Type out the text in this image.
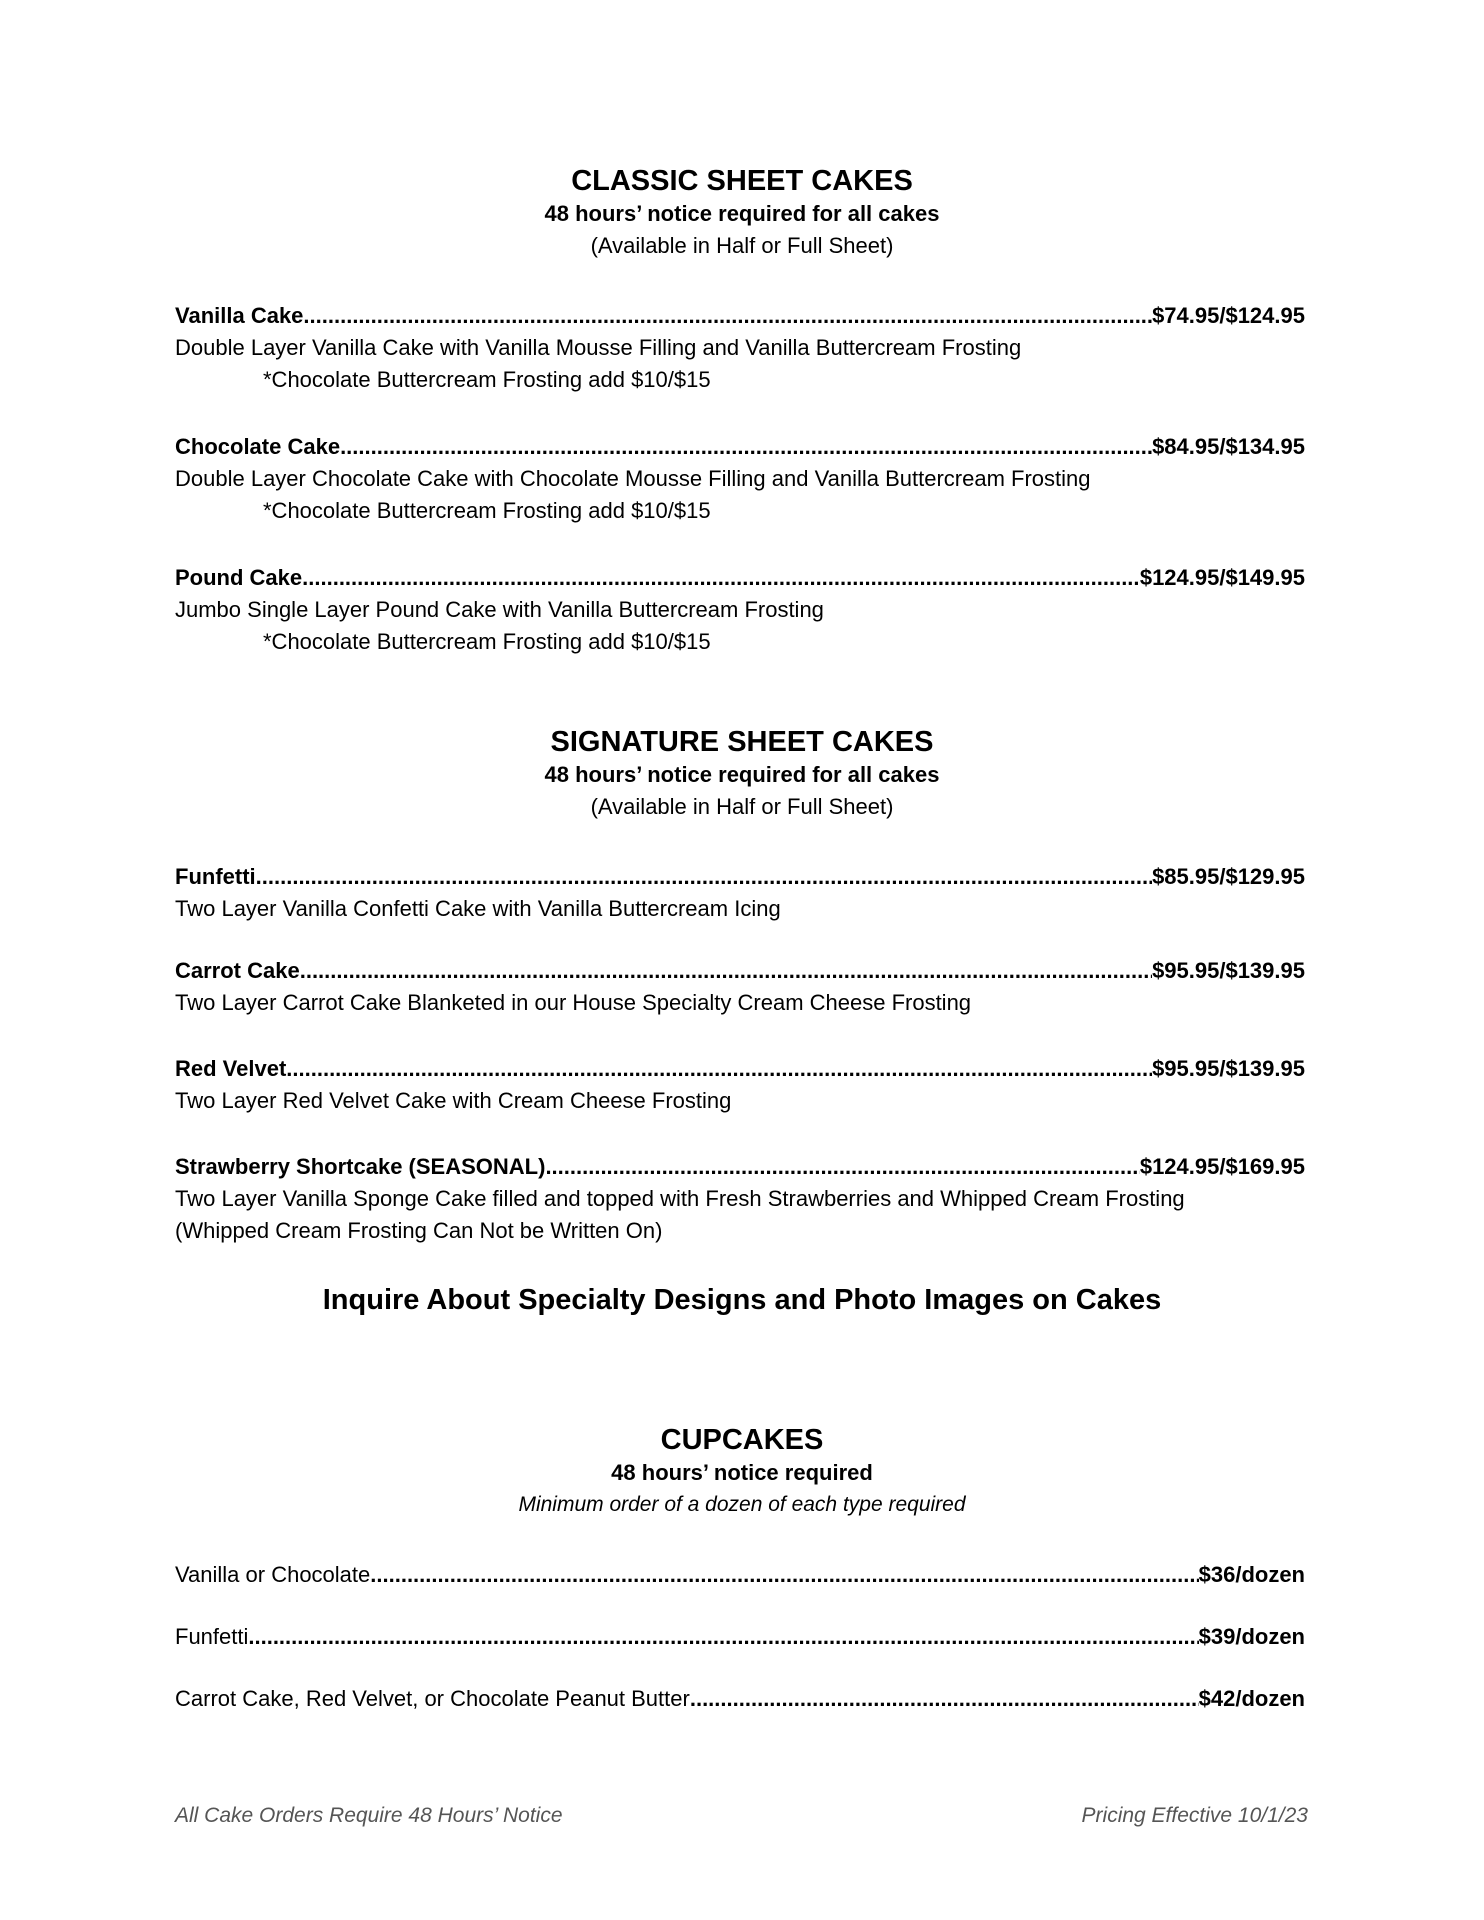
CLASSIC SHEET CAKES
48 hours’ notice required for all cakes
(Available in Half or Full Sheet)
Vanilla Cake .....	$74.95/$124.95
Double Layer Vanilla Cake with Vanilla Mousse Filling and Vanilla Buttercream Frosting
*Chocolate Buttercream Frosting add $10/$15
Chocolate Cake .....	$84.95/$134.95
Double Layer Chocolate Cake with Chocolate Mousse Filling and Vanilla Buttercream Frosting
*Chocolate Buttercream Frosting add $10/$15
Pound Cake .....	$124.95/$149.95
Jumbo Single Layer Pound Cake with Vanilla Buttercream Frosting
*Chocolate Buttercream Frosting add $10/$15
SIGNATURE SHEET CAKES
48 hours’ notice required for all cakes
(Available in Half or Full Sheet)
Funfetti .....	$85.95/$129.95
Two Layer Vanilla Confetti Cake with Vanilla Buttercream Icing
Carrot Cake .....	$95.95/$139.95
Two Layer Carrot Cake Blanketed in our House Specialty Cream Cheese Frosting
Red Velvet .....	$95.95/$139.95
Two Layer Red Velvet Cake with Cream Cheese Frosting
Strawberry Shortcake (SEASONAL) .....	$124.95/$169.95
Two Layer Vanilla Sponge Cake filled and topped with Fresh Strawberries and Whipped Cream Frosting
(Whipped Cream Frosting Can Not be Written On)
Inquire About Specialty Designs and Photo Images on Cakes
CUPCAKES
48 hours’ notice required
Minimum order of a dozen of each type required
Vanilla or Chocolate .....	$36/dozen
Funfetti .....	$39/dozen
Carrot Cake, Red Velvet, or Chocolate Peanut Butter .....	$42/dozen
All Cake Orders Require 48 Hours’ Notice	Pricing Effective 10/1/23
